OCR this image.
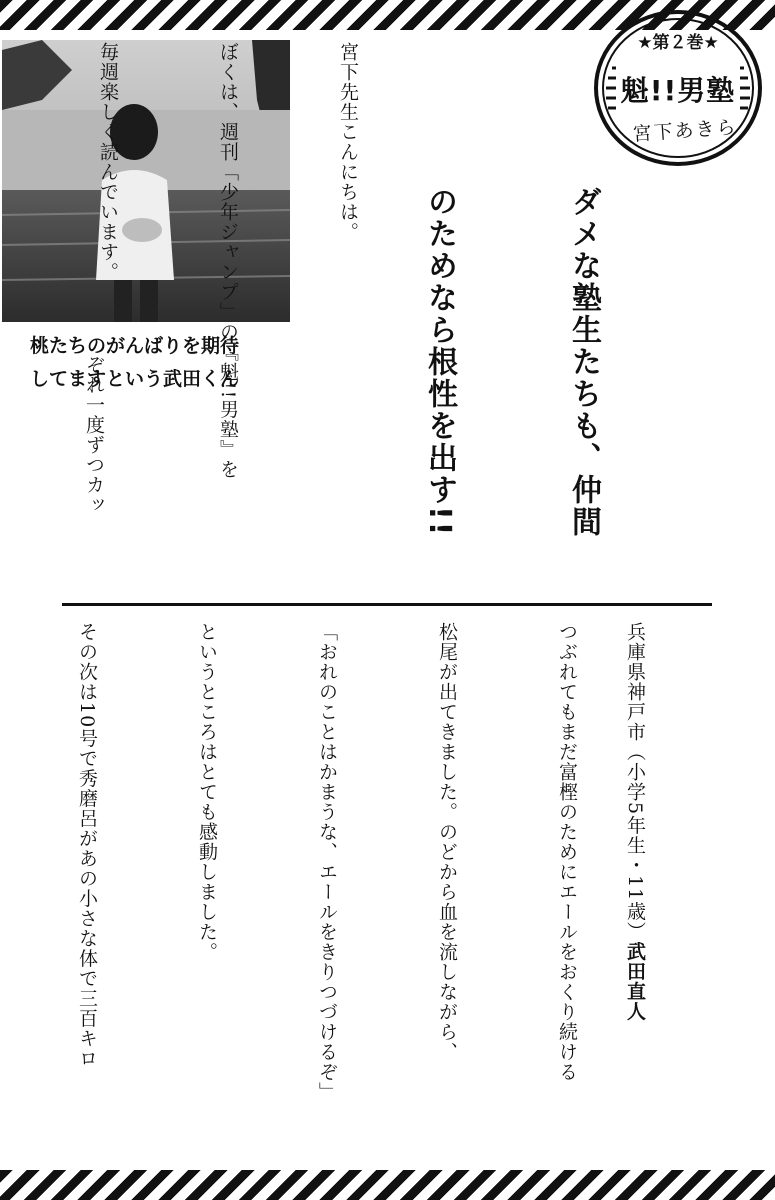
★第２巻★
魁!!男塾
宮下あきら
桃たちのがんばりを期待
してますという武田くん

	ダメな塾生たちも、仲間

のためなら根性を出す!!

宮下先生こんにちは。

ぼくは、週刊「少年ジャンプ」の『魁!!男塾』を

毎週楽しく読んでいます。

ぞれ一度ずつカッ

つぶれてもまだ富樫のためにエールをおくり続ける

松尾が出てきました。のどから血を流しながら、

「おれのことはかまうな、エールをきりつづけるぞ」

というところはとても感動しました。

その次は10号で秀磨呂があの小さな体で三百キロ

	兵庫県神戸市（小学5年生・11歳）武田直人
